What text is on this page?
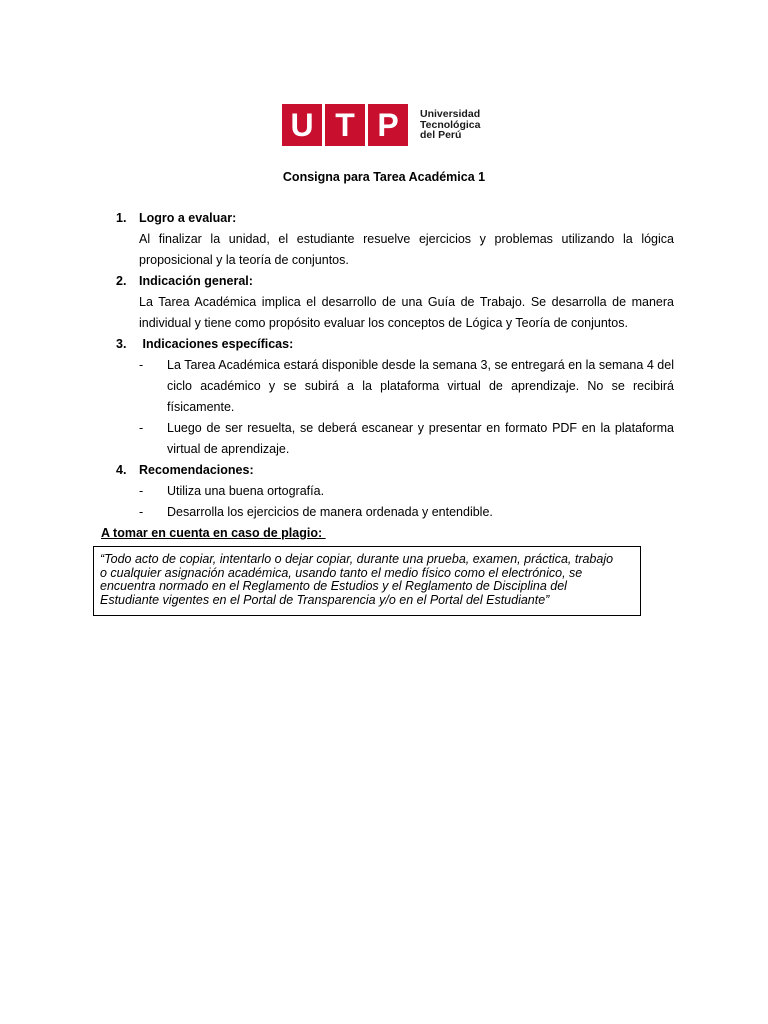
U T P	Universidad
Tecnológica
del Perú
Consigna para Tarea Académica 1
1.	Logro a evaluar:
Al finalizar la unidad, el estudiante resuelve ejercicios y problemas utilizando la lógica proposicional y la teoría de conjuntos.
2.	Indicación general:
La Tarea Académica implica el desarrollo de una Guía de Trabajo. Se desarrolla de manera individual y tiene como propósito evaluar los conceptos de Lógica y Teoría de conjuntos.
3.	Indicaciones específicas:
-	La Tarea Académica estará disponible desde la semana 3, se entregará en la semana 4 del ciclo académico y se subirá a la plataforma virtual de aprendizaje. No se recibirá físicamente.
-	Luego de ser resuelta, se deberá escanear y presentar en formato PDF en la plataforma virtual de aprendizaje.
4.	Recomendaciones:
-	Utiliza una buena ortografía.
-	Desarrolla los ejercicios de manera ordenada y entendible.
A tomar en cuenta en caso de plagio:
“Todo acto de copiar, intentarlo o dejar copiar, durante una prueba, examen, práctica, trabajo
o cualquier asignación académica, usando tanto el medio físico como el electrónico, se
encuentra normado en el Reglamento de Estudios y el Reglamento de Disciplina del
Estudiante vigentes en el Portal de Transparencia y/o en el Portal del Estudiante”
